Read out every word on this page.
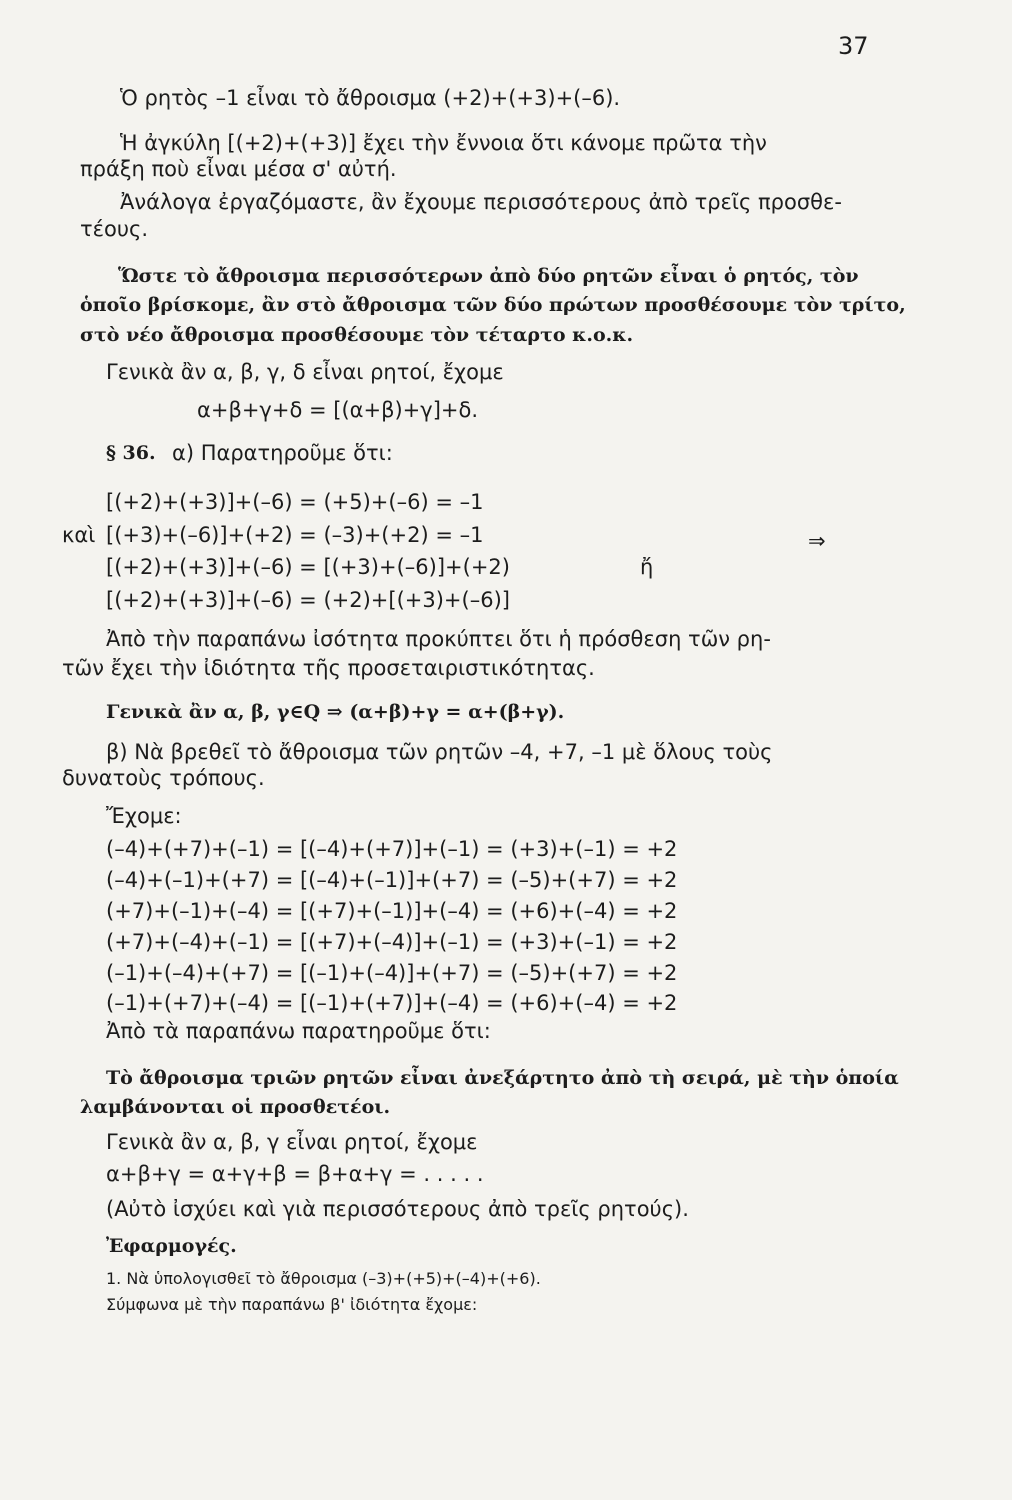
37
Ὁ ρητὸς –1 εἶναι τὸ ἄθροισμα (+2)+(+3)+(–6).
Ἡ ἀγκύλη [(+2)+(+3)] ἔχει τὴν ἔννοια ὅτι κάνομε πρῶτα τὴν
πράξη ποὺ εἶναι μέσα σ' αὐτή.
Ἀνάλογα ἐργαζόμαστε, ἂν ἔχουμε περισσότερους ἀπὸ τρεῖς προσθε-
τέους.
Ὥστε τὸ ἄθροισμα περισσότερων ἀπὸ δύο ρητῶν εἶναι ὁ ρητός, τὸν
ὁποῖο βρίσκομε, ἂν στὸ ἄθροισμα τῶν δύο πρώτων προσθέσουμε τὸν τρίτο,
στὸ νέο ἄθροισμα προσθέσουμε τὸν τέταρτο κ.ο.κ.
Γενικὰ ἂν α, β, γ, δ εἶναι ρητοί, ἔχομε
α+β+γ+δ = [(α+β)+γ]+δ.
§ 36. α) Παρατηροῦμε ὅτι:
[(+2)+(+3)]+(–6) = (+5)+(–6) = –1
καὶ [(+3)+(–6)]+(+2) = (–3)+(+2) = –1	⇒
[(+2)+(+3)]+(–6) = [(+3)+(–6)]+(+2)	ἤ
[(+2)+(+3)]+(–6) = (+2)+[(+3)+(–6)]
Ἀπὸ τὴν παραπάνω ἰσότητα προκύπτει ὅτι ἡ πρόσθεση τῶν ρη-
τῶν ἔχει τὴν ἰδιότητα τῆς προσεταιριστικότητας.
Γενικὰ ἂν α, β, γ∈Q ⇒ (α+β)+γ = α+(β+γ).
β) Νὰ βρεθεῖ τὸ ἄθροισμα τῶν ρητῶν –4, +7, –1 μὲ ὅλους τοὺς
δυνατοὺς τρόπους.
Ἔχομε:
(–4)+(+7)+(–1) = [(–4)+(+7)]+(–1) = (+3)+(–1) = +2
(–4)+(–1)+(+7) = [(–4)+(–1)]+(+7) = (–5)+(+7) = +2
(+7)+(–1)+(–4) = [(+7)+(–1)]+(–4) = (+6)+(–4) = +2
(+7)+(–4)+(–1) = [(+7)+(–4)]+(–1) = (+3)+(–1) = +2
(–1)+(–4)+(+7) = [(–1)+(–4)]+(+7) = (–5)+(+7) = +2
(–1)+(+7)+(–4) = [(–1)+(+7)]+(–4) = (+6)+(–4) = +2
Ἀπὸ τὰ παραπάνω παρατηροῦμε ὅτι:
Τὸ ἄθροισμα τριῶν ρητῶν εἶναι ἀνεξάρτητο ἀπὸ τὴ σειρά, μὲ τὴν ὁποία
λαμβάνονται οἱ προσθετέοι.
Γενικὰ ἂν α, β, γ εἶναι ρητοί, ἔχομε
α+β+γ = α+γ+β = β+α+γ = . . . . .
(Αὐτὸ ἰσχύει καὶ γιὰ περισσότερους ἀπὸ τρεῖς ρητούς).
Ἐφαρμογές.
1. Νὰ ὑπολογισθεῖ τὸ ἄθροισμα (–3)+(+5)+(–4)+(+6).
Σύμφωνα μὲ τὴν παραπάνω β' ἰδιότητα ἔχομε:
